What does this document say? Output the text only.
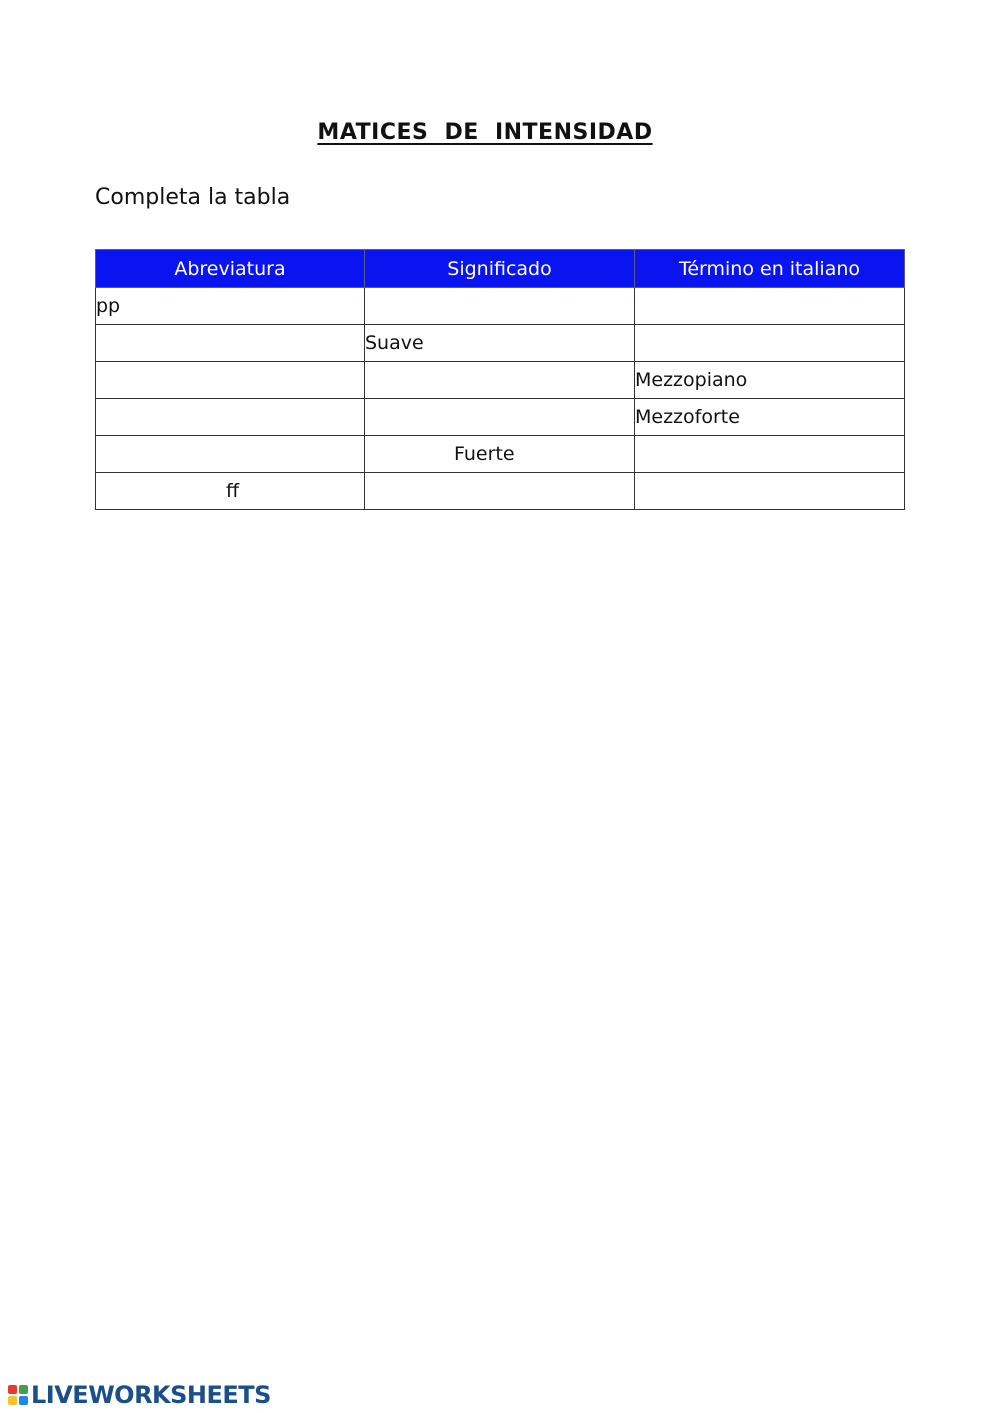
MATICES DE INTENSIDAD
Completa la tabla
Abreviatura	Significado	Término en italiano
pp		
	Suave	
		Mezzopiano
		Mezzoforte
	Fuerte	
ff		
LIVEWORKSHEETS
